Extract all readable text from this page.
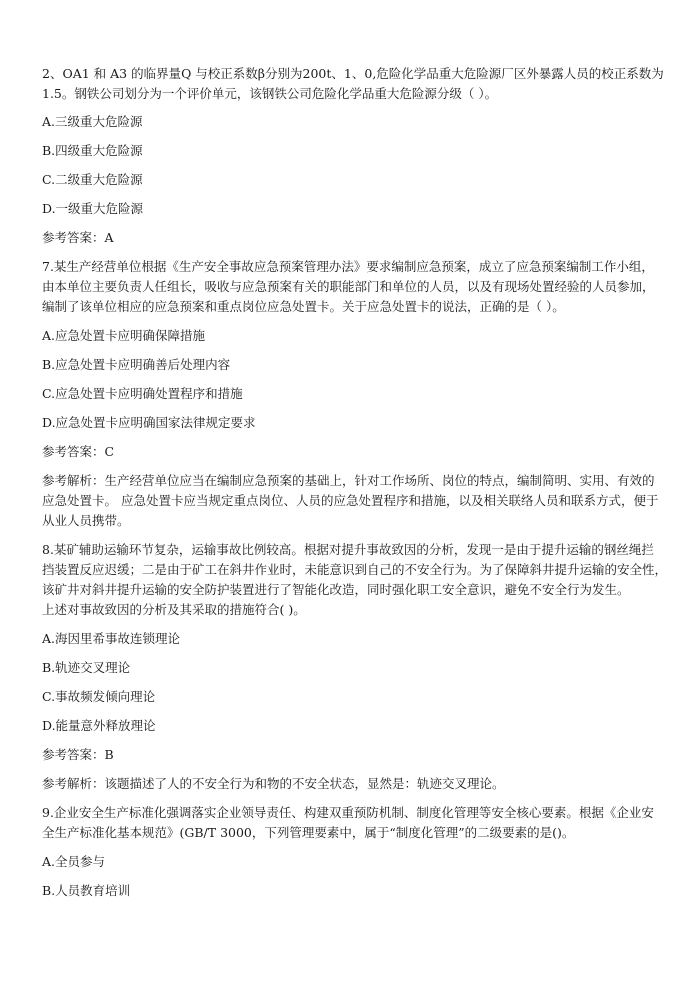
2、OA1 和 A3 的临界量Q 与校正系数β分别为200t、1、0,危险化学品重大危险源厂区外暴露人员的校正系数为
1.5。钢铁公司划分为一个评价单元，该钢铁公司危险化学品重大危险源分级（ ）。
A.三级重大危险源
B.四级重大危险源
C.二级重大危险源
D.一级重大危险源
参考答案：A
7.某生产经营单位根据《生产安全事故应急预案管理办法》要求编制应急预案，成立了应急预案编制工作小组，
由本单位主要负责人任组长，吸收与应急预案有关的职能部门和单位的人员，以及有现场处置经验的人员参加，
编制了该单位相应的应急预案和重点岗位应急处置卡。关于应急处置卡的说法，正确的是（ ）。
A.应急处置卡应明确保障措施
B.应急处置卡应明确善后处理内容
C.应急处置卡应明确处置程序和措施
D.应急处置卡应明确国家法律规定要求
参考答案：C
参考解析：生产经营单位应当在编制应急预案的基础上，针对工作场所、岗位的特点，编制简明、实用、有效的
应急处置卡。 应急处置卡应当规定重点岗位、人员的应急处置程序和措施，以及相关联络人员和联系方式，便于
从业人员携带。
8.某矿辅助运输环节复杂，运输事故比例较高。根据对提升事故致因的分析，发现一是由于提升运输的钢丝绳拦
挡装置反应迟缓；二是由于矿工在斜井作业时，未能意识到自己的不安全行为。为了保障斜井提升运输的安全性，
该矿井对斜井提升运输的安全防护装置进行了智能化改造，同时强化职工安全意识，避免不安全行为发生。
上述对事故致因的分析及其采取的措施符合( )。
A.海因里希事故连锁理论
B.轨迹交叉理论
C.事故频发倾向理论
D.能量意外释放理论
参考答案：B
参考解析：该题描述了人的不安全行为和物的不安全状态，显然是：轨迹交叉理论。
9.企业安全生产标准化强调落实企业领导责任、构建双重预防机制、制度化管理等安全核心要素。根据《企业安
全生产标准化基本规范》(GB/T 3000，下列管理要素中，属于“制度化管理”的二级要素的是()。
A.全员参与
B.人员教育培训
